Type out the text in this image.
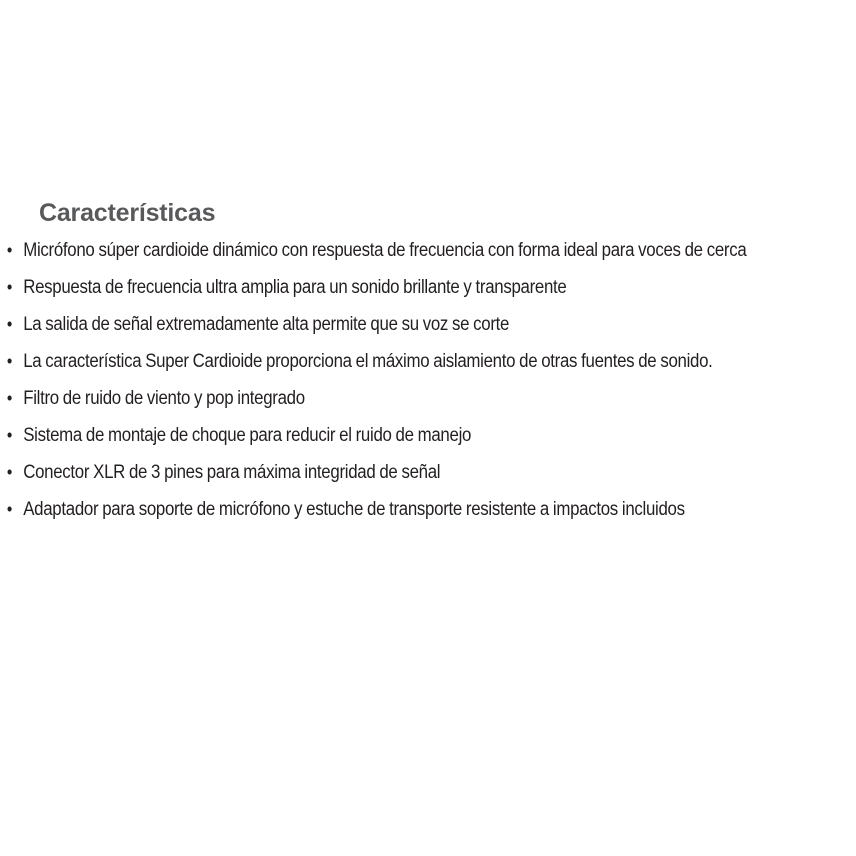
Características
• Micrófono súper cardioide dinámico con respuesta de frecuencia con forma ideal para voces de cerca
• Respuesta de frecuencia ultra amplia para un sonido brillante y transparente
• La salida de señal extremadamente alta permite que su voz se corte
• La característica Super Cardioide proporciona el máximo aislamiento de otras fuentes de sonido.
• Filtro de ruido de viento y pop integrado
• Sistema de montaje de choque para reducir el ruido de manejo
• Conector XLR de 3 pines para máxima integridad de señal
• Adaptador para soporte de micrófono y estuche de transporte resistente a impactos incluidos
